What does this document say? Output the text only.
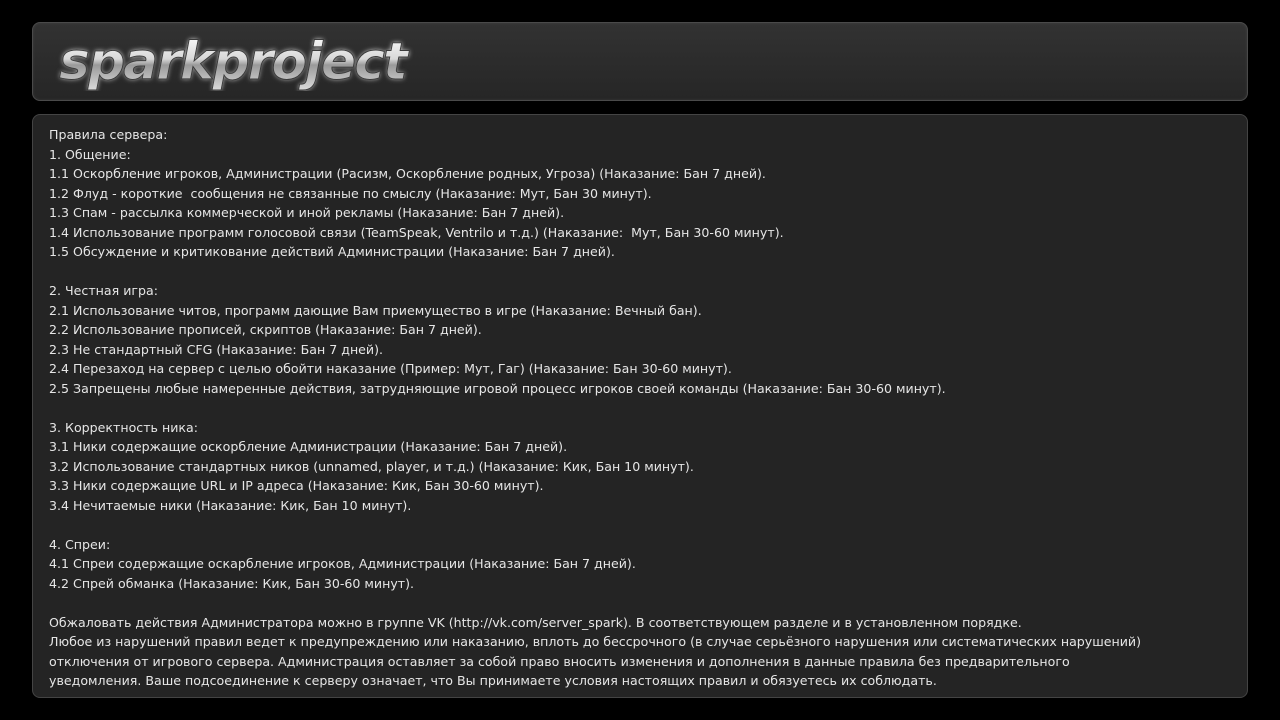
sparkproject
Правила сервера:
1. Общение:
1.1 Оскорбление игроков, Администрации (Расизм, Оскорбление родных, Угроза) (Наказание: Бан 7 дней).
1.2 Флуд - короткие  сообщения не связанные по смыслу (Наказание: Мут, Бан 30 минут).
1.3 Спам - рассылка коммерческой и иной рекламы (Наказание: Бан 7 дней).
1.4 Использование программ голосовой связи (TeamSpeak, Ventrilo и т.д.) (Наказание:  Мут, Бан 30-60 минут).
1.5 Обсуждение и критикование действий Администрации (Наказание: Бан 7 дней).
2. Честная игра:
2.1 Использование читов, программ дающие Вам приемущество в игре (Наказание: Вечный бан).
2.2 Использование прописей, скриптов (Наказание: Бан 7 дней).
2.3 Не стандартный CFG (Наказание: Бан 7 дней).
2.4 Перезаход на сервер с целью обойти наказание (Пример: Мут, Гаг) (Наказание: Бан 30-60 минут).
2.5 Запрещены любые намеренные действия, затрудняющие игровой процесс игроков своей команды (Наказание: Бан 30-60 минут).
3. Корректность ника:
3.1 Ники содержащие оскорбление Администрации (Наказание: Бан 7 дней).
3.2 Использование стандартных ников (unnamed, player, и т.д.) (Наказание: Кик, Бан 10 минут).
3.3 Ники содержащие URL и IP адреса (Наказание: Кик, Бан 30-60 минут).
3.4 Нечитаемые ники (Наказание: Кик, Бан 10 минут).
4. Спреи:
4.1 Спреи содержащие оскарбление игроков, Администрации (Наказание: Бан 7 дней).
4.2 Спрей обманка (Наказание: Кик, Бан 30-60 минут).
Обжаловать действия Администратора можно в группе VK (http://vk.com/server_spark). В соответствующем разделе и в установленном порядке.
Любое из нарушений правил ведет к предупреждению или наказанию, вплоть до бессрочного (в случае серьёзного нарушения или систематических нарушений)
отключения от игрового сервера. Администрация оставляет за собой право вносить изменения и дополнения в данные правила без предварительного
уведомления. Ваше подсоединение к серверу означает, что Вы принимаете условия настоящих правил и обязуетесь их соблюдать.
